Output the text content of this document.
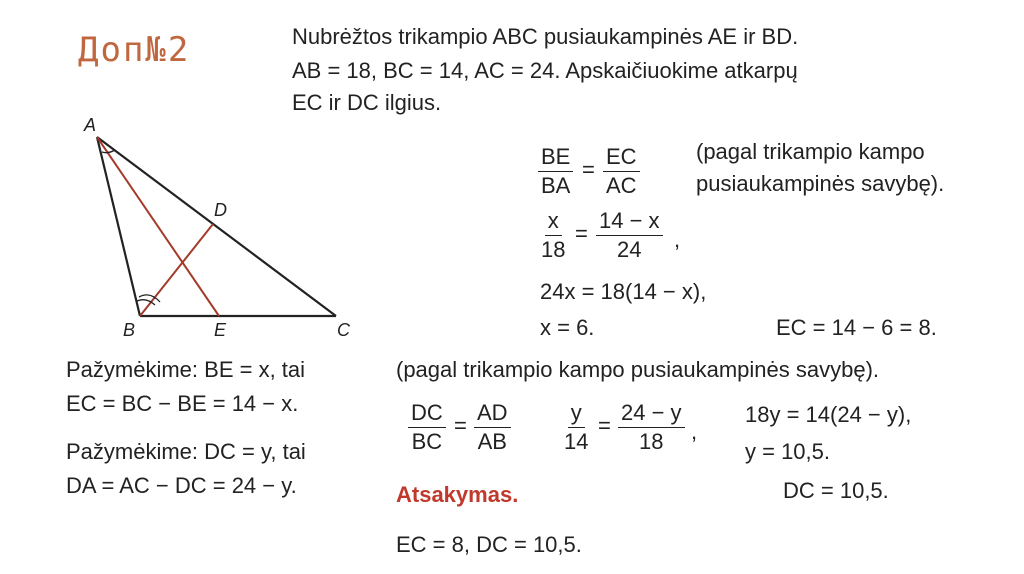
Доп№2	Nubrėžtos trikampio ABC pusiaukampinės AE ir BD.
AB = 18, BC = 14, AC = 24. Apskaičiuokime atkarpų
EC ir DC ilgius.
A
B	C
D
E
$\frac{BE}{BA} = \frac{EC}{AC}$	(pagal trikampio kampo
pusiaukampinės savybę).
$\frac{x}{18} = \frac{14 - x}{24}$ ,
24x = 18(14 − x),
x = 6.	EC = 14 − 6 = 8.
Pažymėkime: BE = x, tai
EC = BC − BE = 14 − x.
Pažymėkime: DC = y, tai
DA = AC − DC = 24 − y.
(pagal trikampio kampo pusiaukampinės savybę).
$\frac{DC}{BC} = \frac{AD}{AB} \frac{y}{14} = \frac{24 - y}{18}$ ,
18y = 14(24 − y),
y = 10,5.
DC = 10,5.
Atsakymas.
EC = 8, DC = 10,5.
